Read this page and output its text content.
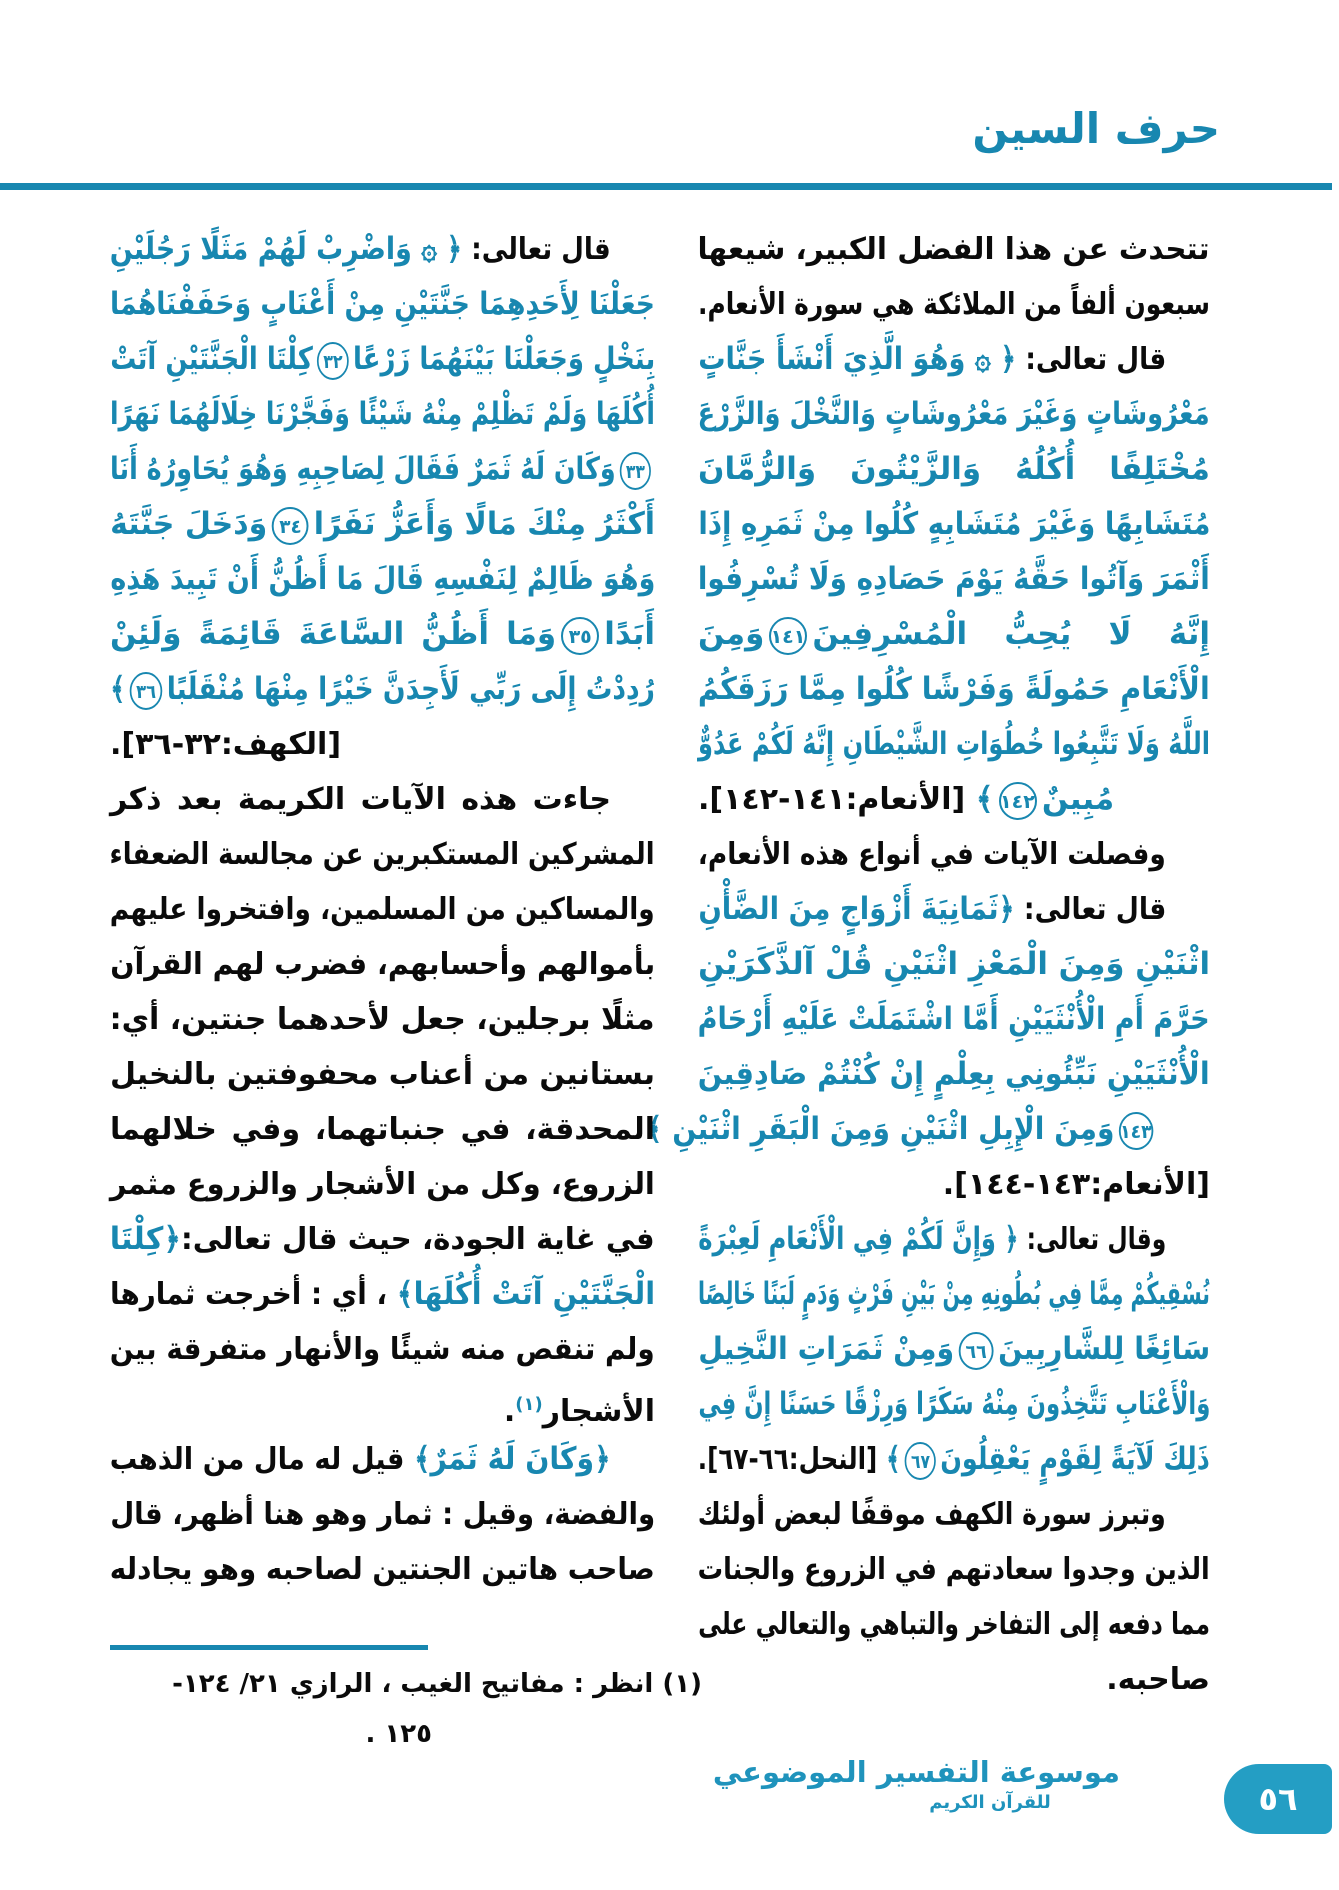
حرف السين
تتحدث عن هذا الفضل الكبير، شيعها
سبعون ألفاً من الملائكة هي سورة الأنعام.
قال تعالى: ﴿ ۞ وَهُوَ الَّذِيَ أَنْشَأَ جَنَّاتٍ
مَعْرُوشَاتٍ وَغَيْرَ مَعْرُوشَاتٍ وَالنَّخْلَ وَالزَّرْعَ
مُخْتَلِفًا أُكُلُهُ وَالزَّيْتُونَ وَالرُّمَّانَ
مُتَشَابِهًا وَغَيْرَ مُتَشَابِهٍ كُلُوا مِنْ ثَمَرِهِ إِذَا
أَثْمَرَ وَآتُوا حَقَّهُ يَوْمَ حَصَادِهِ وَلَا تُسْرِفُوا
إِنَّهُ لَا يُحِبُّ الْمُسْرِفِينَ١٤١وَمِنَ
الْأَنْعَامِ حَمُولَةً وَفَرْشًا كُلُوا مِمَّا رَزَقَكُمُ
اللَّهُ وَلَا تَتَّبِعُوا خُطُوَاتِ الشَّيْطَانِ إِنَّهُ لَكُمْ عَدُوٌّ
مُبِينٌ١٤٢﴾ [الأنعام:١٤١-١٤٢].
وفصلت الآيات في أنواع هذه الأنعام،
قال تعالى: ﴿ثَمَانِيَةَ أَزْوَاجٍ مِنَ الضَّأْنِ
اثْنَيْنِ وَمِنَ الْمَعْزِ اثْنَيْنِ قُلْ آلذَّكَرَيْنِ
حَرَّمَ أَمِ الْأُنْثَيَيْنِ أَمَّا اشْتَمَلَتْ عَلَيْهِ أَرْحَامُ
الْأُنْثَيَيْنِ نَبِّئُونِي بِعِلْمٍ إِنْ كُنْتُمْ صَادِقِينَ
١٤٣وَمِنَ الْإِبِلِ اثْنَيْنِ وَمِنَ الْبَقَرِ اثْنَيْنِ ﴾
[الأنعام:١٤٣-١٤٤].
وقال تعالى: ﴿ وَإِنَّ لَكُمْ فِي الْأَنْعَامِ لَعِبْرَةً
نُسْقِيكُمْ مِمَّا فِي بُطُونِهِ مِنْ بَيْنِ فَرْثٍ وَدَمٍ لَبَنًا خَالِصًا
سَائِغًا لِلشَّارِبِينَ٦٦وَمِنْ ثَمَرَاتِ النَّخِيلِ
وَالْأَعْنَابِ تَتَّخِذُونَ مِنْهُ سَكَرًا وَرِزْقًا حَسَنًا إِنَّ فِي
ذَلِكَ لَآيَةً لِقَوْمٍ يَعْقِلُونَ٦٧﴾ [النحل:٦٦-٦٧].
وتبرز سورة الكهف موقفًا لبعض أولئك
الذين وجدوا سعادتهم في الزروع والجنات
مما دفعه إلى التفاخر والتباهي والتعالي على
صاحبه.
قال تعالى: ﴿ ۞ وَاضْرِبْ لَهُمْ مَثَلًا رَجُلَيْنِ
جَعَلْنَا لِأَحَدِهِمَا جَنَّتَيْنِ مِنْ أَعْنَابٍ وَحَفَفْنَاهُمَا
بِنَخْلٍ وَجَعَلْنَا بَيْنَهُمَا زَرْعًا٣٢كِلْتَا الْجَنَّتَيْنِ آتَتْ
أُكُلَهَا وَلَمْ تَظْلِمْ مِنْهُ شَيْئًا وَفَجَّرْنَا خِلَالَهُمَا نَهَرًا
٣٣وَكَانَ لَهُ ثَمَرٌ فَقَالَ لِصَاحِبِهِ وَهُوَ يُحَاوِرُهُ أَنَا
أَكْثَرُ مِنْكَ مَالًا وَأَعَزُّ نَفَرًا٣٤وَدَخَلَ جَنَّتَهُ
وَهُوَ ظَالِمٌ لِنَفْسِهِ قَالَ مَا أَظُنُّ أَنْ تَبِيدَ هَذِهِ
أَبَدًا٣٥وَمَا أَظُنُّ السَّاعَةَ قَائِمَةً وَلَئِنْ
رُدِدْتُ إِلَى رَبِّي لَأَجِدَنَّ خَيْرًا مِنْهَا مُنْقَلَبًا٣٦﴾
[الكهف:٣٢-٣٦].
جاءت هذه الآيات الكريمة بعد ذكر
المشركين المستكبرين عن مجالسة الضعفاء
والمساكين من المسلمين، وافتخروا عليهم
بأموالهم وأحسابهم، فضرب لهم القرآن
مثلًا برجلين، جعل لأحدهما جنتين، أي:
بستانين من أعناب محفوفتين بالنخيل
المحدقة، في جنباتهما، وفي خلالهما
الزروع، وكل من الأشجار والزروع مثمر
في غاية الجودة، حيث قال تعالى:﴿كِلْتَا
الْجَنَّتَيْنِ آتَتْ أُكُلَهَا﴾ ، أي : أخرجت ثمارها
ولم تنقص منه شيئًا والأنهار متفرقة بين
الأشجار$^{(١)}$.
﴿وَكَانَ لَهُ ثَمَرٌ﴾ قيل له مال من الذهب
والفضة، وقيل : ثمار وهو هنا أظهر، قال
صاحب هاتين الجنتين لصاحبه وهو يجادله
(١) انظر : مفاتيح الغيب ، الرازي ٢١/ ١٢٤-
١٢٥ .
موسوعة التفسير الموضوعي
للقرآن الكريم	٥٦
